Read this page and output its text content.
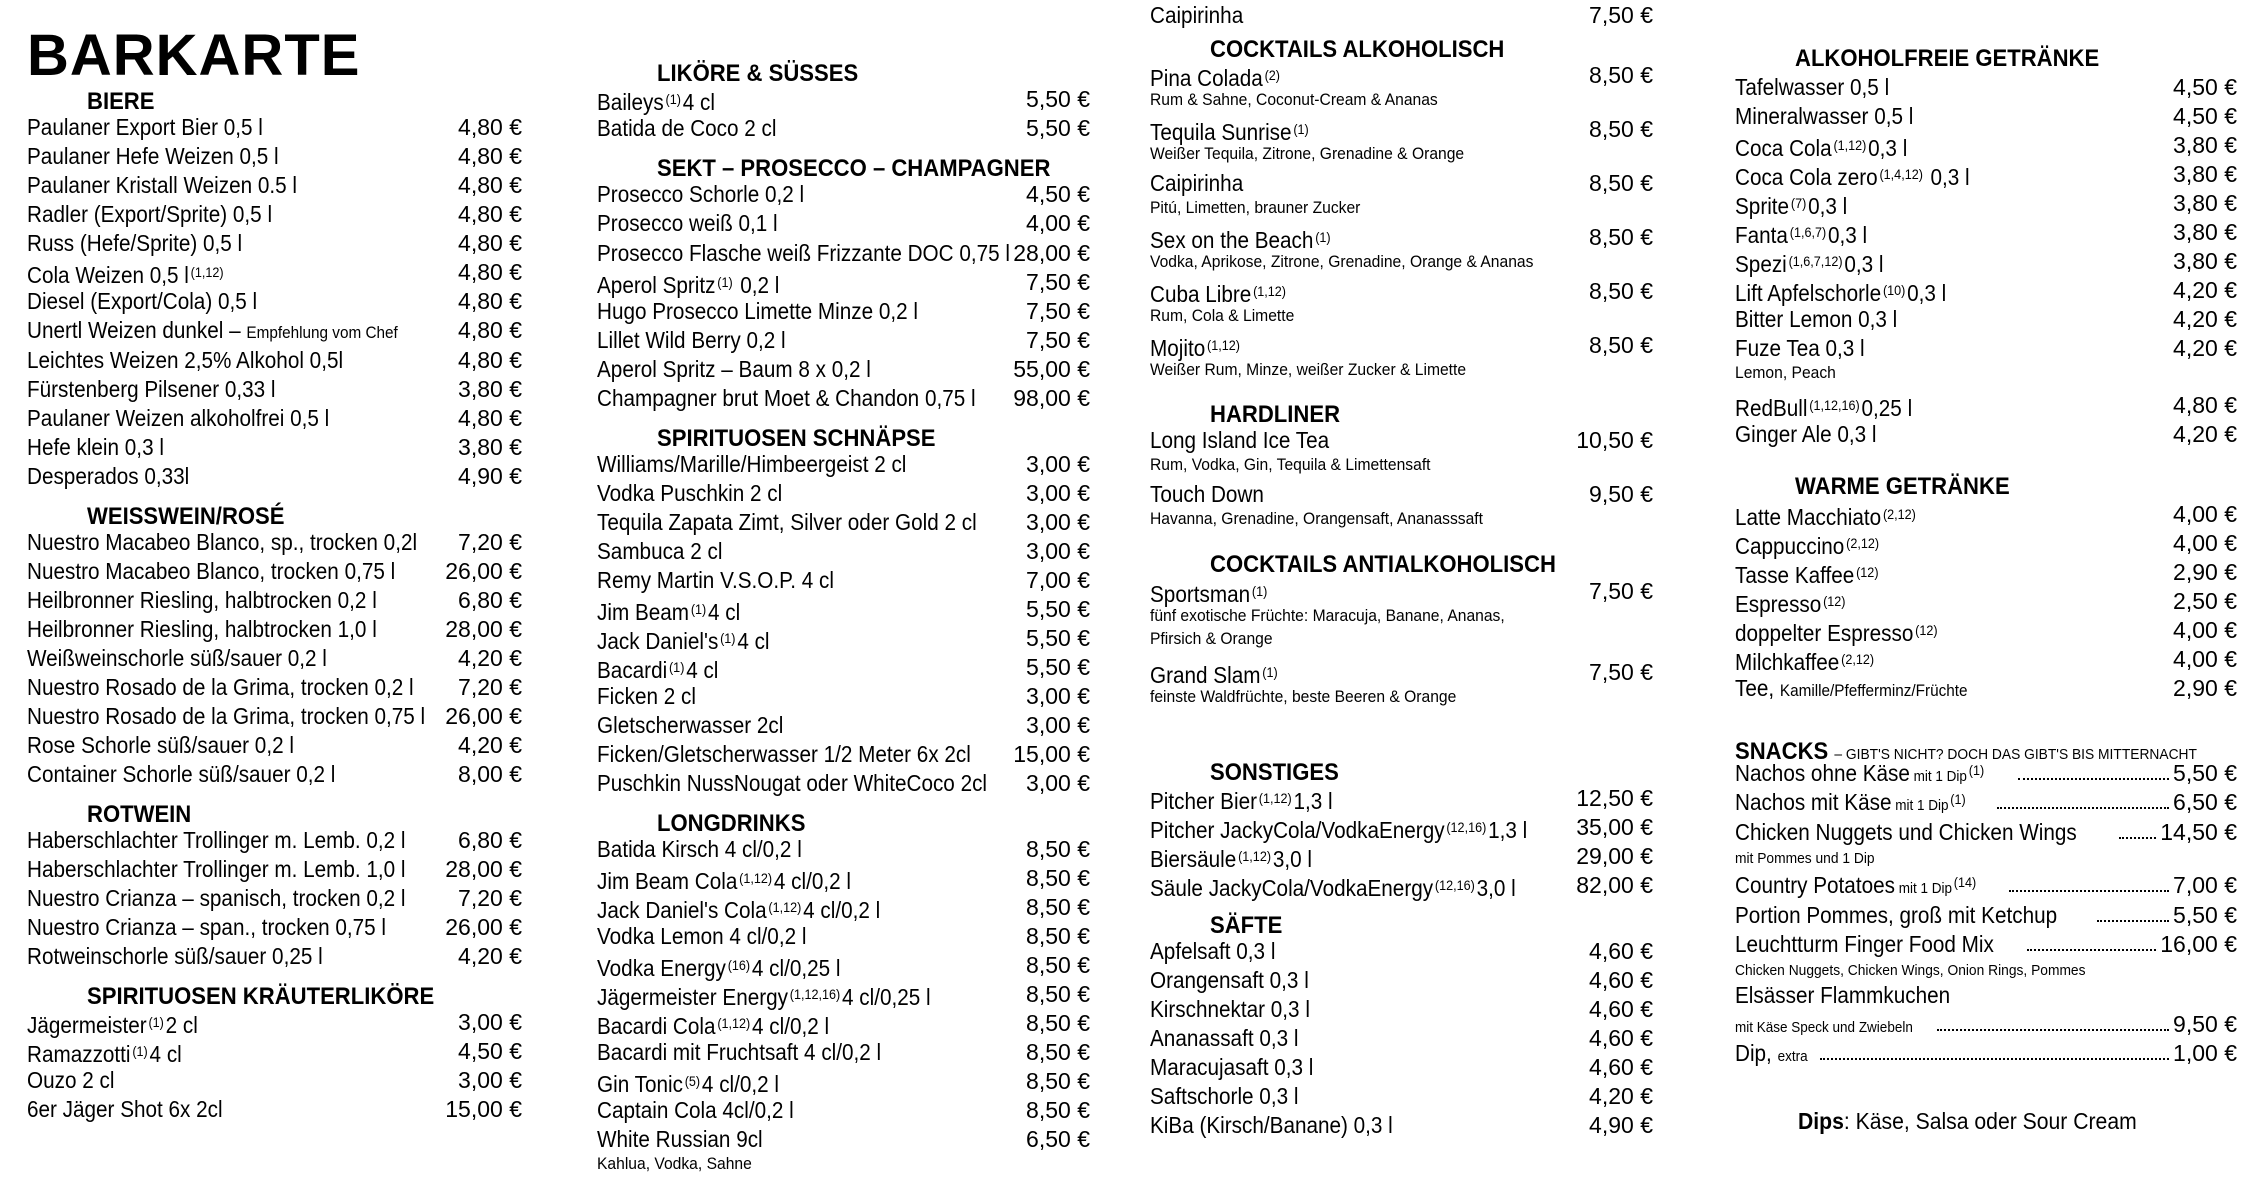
BARKARTE
BIERE
Paulaner Export Bier 0,5 l	4,80 €
Paulaner Hefe Weizen 0,5 l	4,80 €
Paulaner Kristall Weizen 0.5 l	4,80 €
Radler (Export/Sprite) 0,5 l	4,80 €
Russ (Hefe/Sprite) 0,5 l	4,80 €
Cola Weizen 0,5 l $^{(1,12)}$	4,80 €
Diesel (Export/Cola) 0,5 l	4,80 €
Unertl Weizen dunkel – Empfehlung vom Chef	4,80 €
Leichtes Weizen 2,5% Alkohol 0,5l	4,80 €
Fürstenberg Pilsener 0,33 l	3,80 €
Paulaner Weizen alkoholfrei 0,5 l	4,80 €
Hefe klein 0,3 l	3,80 €
Desperados 0,33l	4,90 €
WEISSWEIN/ROSÉ
Nuestro Macabeo Blanco, sp., trocken 0,2l 7,20 €
Nuestro Macabeo Blanco, trocken 0,75 l 26,00 €
Heilbronner Riesling, halbtrocken 0,2 l	6,80 €
Heilbronner Riesling, halbtrocken 1,0 l	28,00 €
Weißweinschorle süß/sauer 0,2 l	4,20 €
Nuestro Rosado de la Grima, trocken 0,2 l 7,20 €
Nuestro Rosado de la Grima, trocken 0,75 l 26,00 €
Rose Schorle süß/sauer 0,2 l	4,20 €
Container Schorle süß/sauer 0,2 l	8,00 €
ROTWEIN
Haberschlachter Trollinger m. Lemb. 0,2 l 6,80 €
Haberschlachter Trollinger m. Lemb. 1,0 l 28,00 €
Nuestro Crianza – spanisch, trocken 0,2 l 7,20 €
Nuestro Crianza – span., trocken 0,75 l	26,00 €
Rotweinschorle süß/sauer 0,25 l	4,20 €
SPIRITUOSEN KRÄUTERLIKÖRE
Jägermeister $^{(1)}$2 cl	3,00 €
Ramazzotti $^{(1)}$4 cl	4,50 €
Ouzo 2 cl	3,00 €
6er Jäger Shot 6x 2cl	15,00 €
LIKÖRE & SÜSSES
Baileys $^{(1)}$4 cl	5,50 €
Batida de Coco 2 cl	5,50 €
SEKT – PROSECCO – CHAMPAGNER
Prosecco Schorle 0,2 l	4,50 €
Prosecco weiß 0,1 l	4,00 €
Prosecco Flasche weiß Frizzante DOC 0,75 l 28,00 €
Aperol Spritz $^{(1)}$ 0,2 l	7,50 €
Hugo Prosecco Limette Minze 0,2 l	7,50 €
Lillet Wild Berry 0,2 l	7,50 €
Aperol Spritz – Baum 8 x 0,2 l	55,00 €
Champagner brut Moet & Chandon 0,75 l 98,00 €
SPIRITUOSEN SCHNÄPSE
Williams/Marille/Himbeergeist 2 cl	3,00 €
Vodka Puschkin 2 cl	3,00 €
Tequila Zapata Zimt, Silver oder Gold 2 cl 3,00 €
Sambuca 2 cl	3,00 €
Remy Martin V.S.O.P. 4 cl	7,00 €
Jim Beam $^{(1)}$4 cl	5,50 €
Jack Daniel's $^{(1)}$4 cl	5,50 €
Bacardi $^{(1)}$4 cl	5,50 €
Ficken 2 cl	3,00 €
Gletscherwasser 2cl	3,00 €
Ficken/Gletscherwasser 1/2 Meter 6x 2cl 15,00 €
Puschkin NussNougat oder WhiteCoco 2cl 3,00 €
LONGDRINKS
Batida Kirsch 4 cl/0,2 l	8,50 €
Jim Beam Cola $^{(1,12)}$4 cl/0,2 l	8,50 €
Jack Daniel's Cola $^{(1,12)}$4 cl/0,2 l	8,50 €
Vodka Lemon 4 cl/0,2 l	8,50 €
Vodka Energy $^{(16)}$4 cl/0,25 l	8,50 €
Jägermeister Energy $^{(1,12,16)}$4 cl/0,25 l	8,50 €
Bacardi Cola $^{(1,12)}$4 cl/0,2 l	8,50 €
Bacardi mit Fruchtsaft 4 cl/0,2 l	8,50 €
Gin Tonic $^{(5)}$4 cl/0,2 l	8,50 €
Captain Cola 4cl/0,2 l	8,50 €
White Russian 9cl	6,50 €
Kahlua, Vodka, Sahne
COCKTAILS ALKOHOLISCH
Pina Colada $^{(2)}$	8,50 €
Rum & Sahne, Coconut-Cream & Ananas
Tequila Sunrise $^{(1)}$	8,50 €
Weißer Tequila, Zitrone, Grenadine & Orange
Caipirinha	8,50 €
Pitú, Limetten, brauner Zucker
Sex on the Beach $^{(1)}$	8,50 €
Vodka, Aprikose, Zitrone, Grenadine, Orange & Ananas
Cuba Libre $^{(1,12)}$	8,50 €
Rum, Cola & Limette
Mojito $^{(1,12)}$	8,50 €
Weißer Rum, Minze, weißer Zucker & Limette
HARDLINER
Long Island Ice Tea	10,50 €
Rum, Vodka, Gin, Tequila & Limettensaft
Touch Down	9,50 €
Havanna, Grenadine, Orangensaft, Ananasssaft
COCKTAILS ANTIALKOHOLISCH
Sportsman $^{(1)}$	7,50 €
fünf exotische Früchte: Maracuja, Banane, Ananas,
Pfirsich & Orange
Grand Slam $^{(1)}$	7,50 €
feinste Waldfrüchte, beste Beeren & Orange
Caipirinha	7,50 €
SONSTIGES
Pitcher Bier $^{(1,12)}$1,3 l	12,50 €
Pitcher JackyCola/VodkaEnergy $^{(12,16)}$1,3 l 35,00 €
Biersäule $^{(1,12)}$3,0 l	29,00 €
Säule JackyCola/VodkaEnergy $^{(12,16)}$3,0 l	82,00 €
SÄFTE
Apfelsaft 0,3 l	4,60 €
Orangensaft 0,3 l	4,60 €
Kirschnektar 0,3 l	4,60 €
Ananassaft 0,3 l	4,60 €
Maracujasaft 0,3 l	4,60 €
Saftschorle 0,3 l	4,20 €
KiBa (Kirsch/Banane) 0,3 l	4,90 €
ALKOHOLFREIE GETRÄNKE
Tafelwasser 0,5 l	4,50 €
Mineralwasser 0,5 l	4,50 €
Coca Cola $^{(1,12)}$0,3 l	3,80 €
Coca Cola zero $^{(1,4,12)}$ 0,3 l	3,80 €
Sprite $^{(7)}$0,3 l	3,80 €
Fanta $^{(1,6,7)}$0,3 l	3,80 €
Spezi $^{(1,6,7,12)}$0,3 l	3,80 €
Lift Apfelschorle $^{(10)}$0,3 l	4,20 €
Bitter Lemon 0,3 l	4,20 €
Fuze Tea 0,3 l	4,20 €
Lemon, Peach
RedBull $^{(1,12,16)}$0,25 l	4,80 €
Ginger Ale 0,3 l	4,20 €
WARME GETRÄNKE
Latte Macchiato $^{(2,12)}$	4,00 €
Cappuccino $^{(2,12)}$	4,00 €
Tasse Kaffee $^{(12)}$	2,90 €
Espresso $^{(12)}$	2,50 €
doppelter Espresso $^{(12)}$	4,00 €
Milchkaffee $^{(2,12)}$	4,00 €
Tee, Kamille/Pfefferminz/Früchte	2,90 €
SNACKS – GIBT'S NICHT? DOCH DAS GIBT'S BIS MITTERNACHT
Nachos ohne Käse mit 1 Dip $^{(1)}$	5,50 €
Nachos mit Käse mit 1 Dip $^{(1)}$	6,50 €
Chicken Nuggets und Chicken Wings	14,50 €
mit Pommes und 1 Dip
Country Potatoes mit 1 Dip $^{(14)}$	7,00 €
Portion Pommes, groß mit Ketchup	5,50 €
Leuchtturm Finger Food Mix	16,00 €
Chicken Nuggets, Chicken Wings, Onion Rings, Pommes
Elsässer Flammkuchen
mit Käse Speck und Zwiebeln	9,50 €
Dip, extra	1,00 €
Dips: Käse, Salsa oder Sour Cream
